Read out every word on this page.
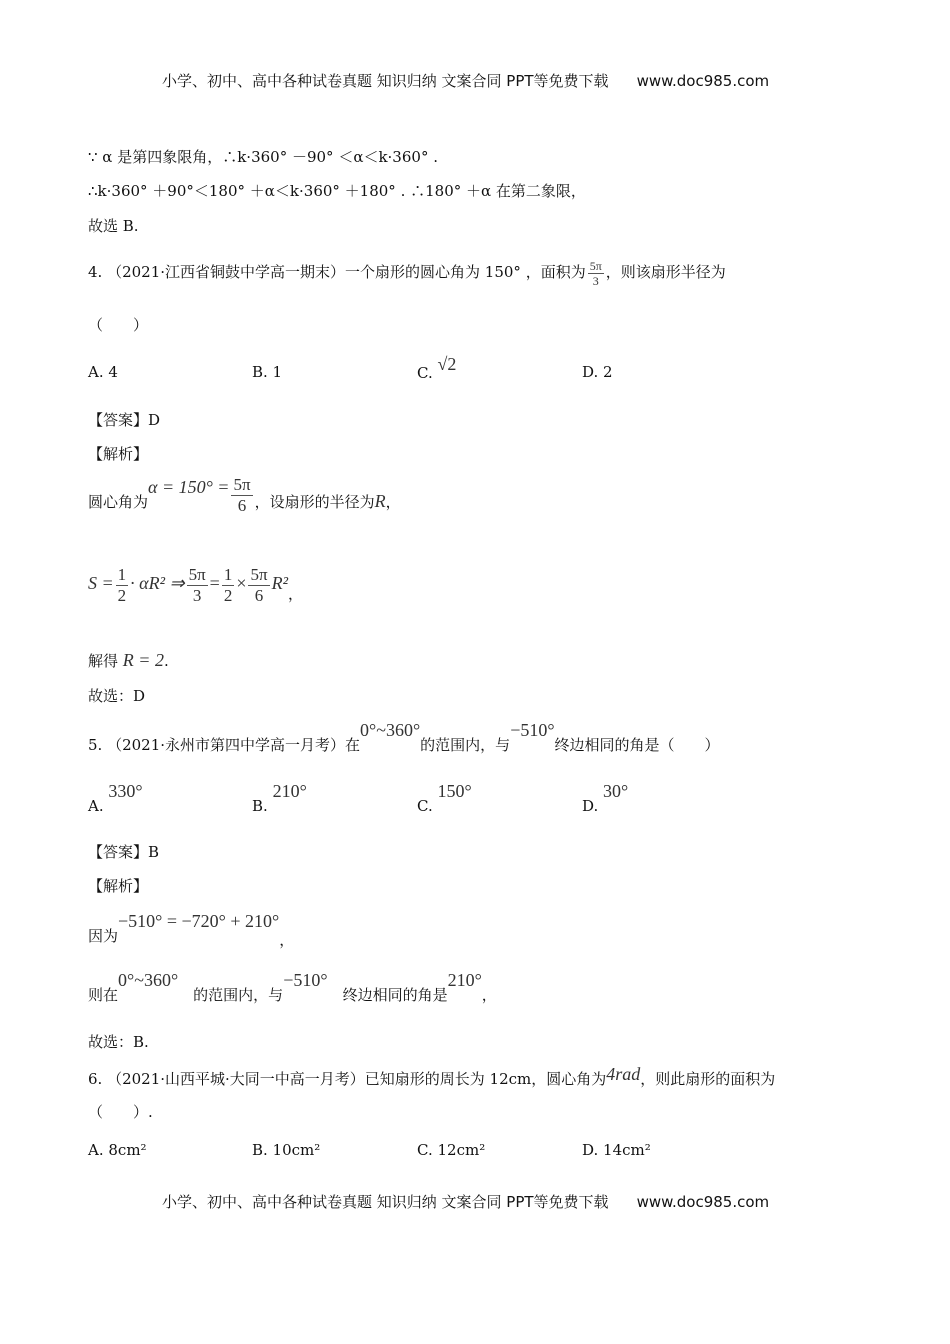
小学、初中、高中各种试卷真题 知识归纳 文案合同 PPT等免费下载 www.doc985.com
∵ α 是第四象限角，∴k·360° －90° ＜α＜k·360° .
∴k·360° ＋90°＜180° ＋α＜k·360° ＋180° . ∴180° ＋α 在第二象限，
故选 B.
4. （2021·江西省铜鼓中学高一期末）一个扇形的圆心角为 150° ，面积为 $\frac{5\pi}{3}$ ，则该扇形半径为
（　　）
A. 4	B. 1	C. √2	D. 2
【答案】D
【解析】
圆心角为$\alpha = 150^\circ = \frac{5\pi}{6}$ ，设扇形的半径为R，
$S = \frac{1}{2} \cdot \alpha R^2$ ⇒ $\frac{5\pi}{3} = \frac{1}{2} \times \frac{5\pi}{6} R^2$，
解得 R = 2.
故选：D
5. （2021·永州市第四中学高一月考）在0°~360°的范围内，与−510°终边相同的角是（　　）
A. 330°
B. 210°
C. 150°
D. 30°
【答案】B
【解析】
因为−510° = −720° + 210°，
则在0°~360°　的范围内，与−510°　终边相同的角是210°，
故选：B.
6. （2021·山西平城·大同一中高一月考）已知扇形的周长为 12cm，圆心角为4rad，则此扇形的面积为
（　　）.
A. 8cm²	B. 10cm²	C. 12cm²	D. 14cm²
小学、初中、高中各种试卷真题 知识归纳 文案合同 PPT等免费下载 www.doc985.com
